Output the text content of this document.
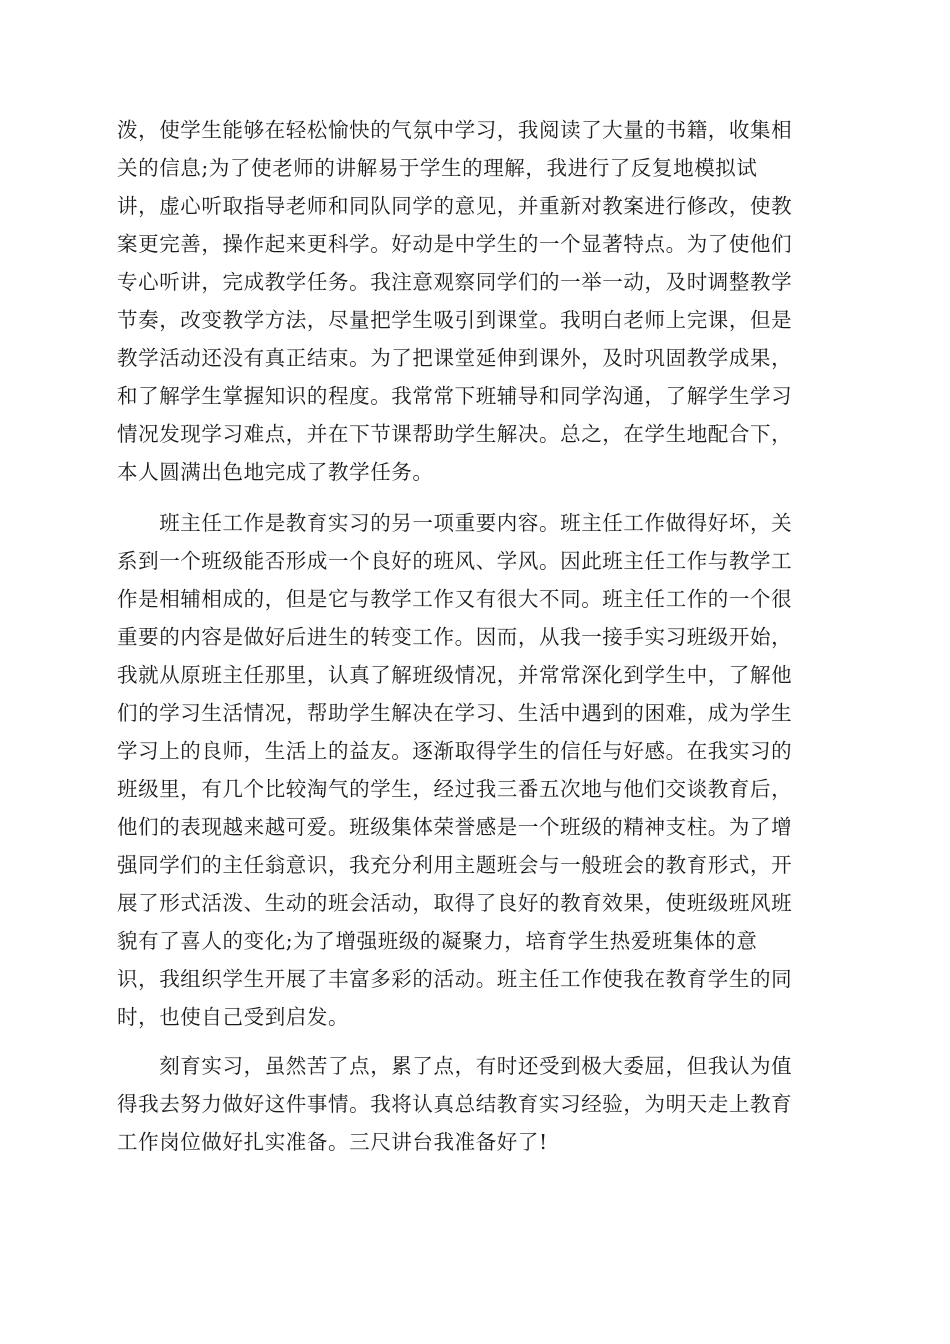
泼，使学生能够在轻松愉快的气氛中学习，我阅读了大量的书籍，收集相
关的信息;为了使老师的讲解易于学生的理解，我进行了反复地模拟试
讲，虚心听取指导老师和同队同学的意见，并重新对教案进行修改，使教
案更完善，操作起来更科学。好动是中学生的一个显著特点。为了使他们
专心听讲，完成教学任务。我注意观察同学们的一举一动，及时调整教学
节奏，改变教学方法，尽量把学生吸引到课堂。我明白老师上完课，但是
教学活动还没有真正结束。为了把课堂延伸到课外，及时巩固教学成果，
和了解学生掌握知识的程度。我常常下班辅导和同学沟通，了解学生学习
情况发现学习难点，并在下节课帮助学生解决。总之，在学生地配合下，
本人圆满出色地完成了教学任务。
　　班主任工作是教育实习的另一项重要内容。班主任工作做得好坏，关
系到一个班级能否形成一个良好的班风、学风。因此班主任工作与教学工
作是相辅相成的，但是它与教学工作又有很大不同。班主任工作的一个很
重要的内容是做好后进生的转变工作。因而，从我一接手实习班级开始，
我就从原班主任那里，认真了解班级情况，并常常深化到学生中，了解他
们的学习生活情况，帮助学生解决在学习、生活中遇到的困难，成为学生
学习上的良师，生活上的益友。逐渐取得学生的信任与好感。在我实习的
班级里，有几个比较淘气的学生，经过我三番五次地与他们交谈教育后，
他们的表现越来越可爱。班级集体荣誉感是一个班级的精神支柱。为了增
强同学们的主任翁意识，我充分利用主题班会与一般班会的教育形式，开
展了形式活泼、生动的班会活动，取得了良好的教育效果，使班级班风班
貌有了喜人的变化;为了增强班级的凝聚力，培育学生热爱班集体的意
识，我组织学生开展了丰富多彩的活动。班主任工作使我在教育学生的同
时，也使自己受到启发。
　　刻育实习，虽然苦了点，累了点，有时还受到极大委屈，但我认为值
得我去努力做好这件事情。我将认真总结教育实习经验，为明天走上教育
工作岗位做好扎实准备。三尺讲台我准备好了!
